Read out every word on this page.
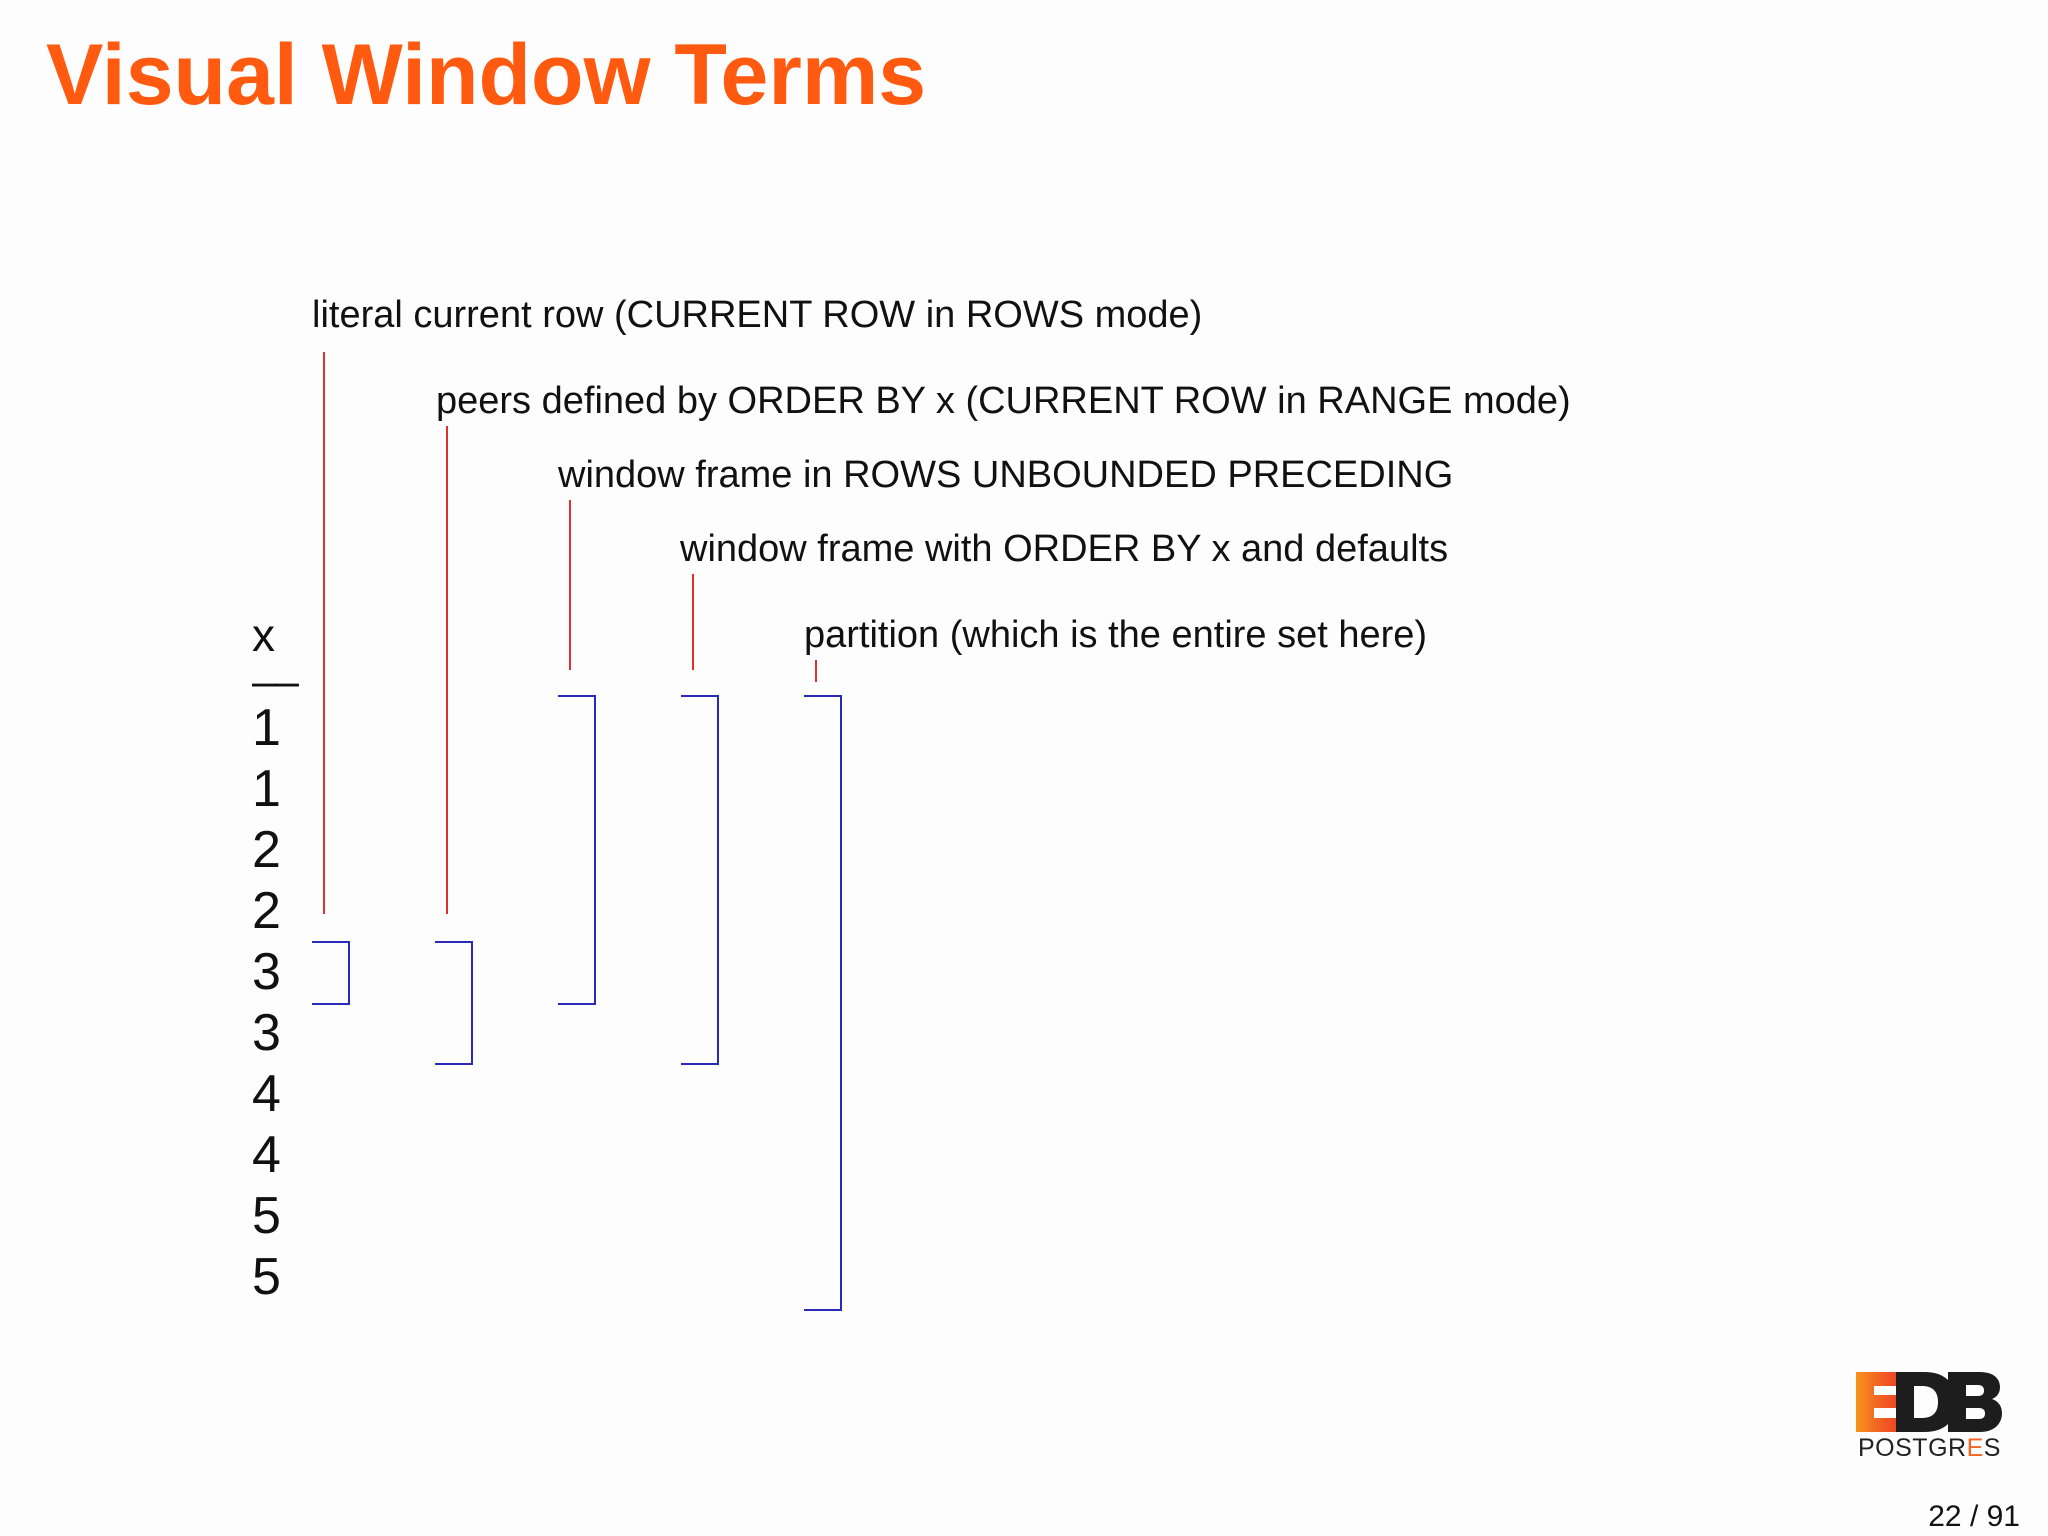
Visual Window Terms
literal current row (CURRENT ROW in ROWS mode)
peers defined by ORDER BY x (CURRENT ROW in RANGE mode)
window frame in ROWS UNBOUNDED PRECEDING
window frame with ORDER BY x and defaults
partition (which is the entire set here)
x
––
1
1
2
2
3
3
4
4
5
5
POSTGRES
22 / 91
